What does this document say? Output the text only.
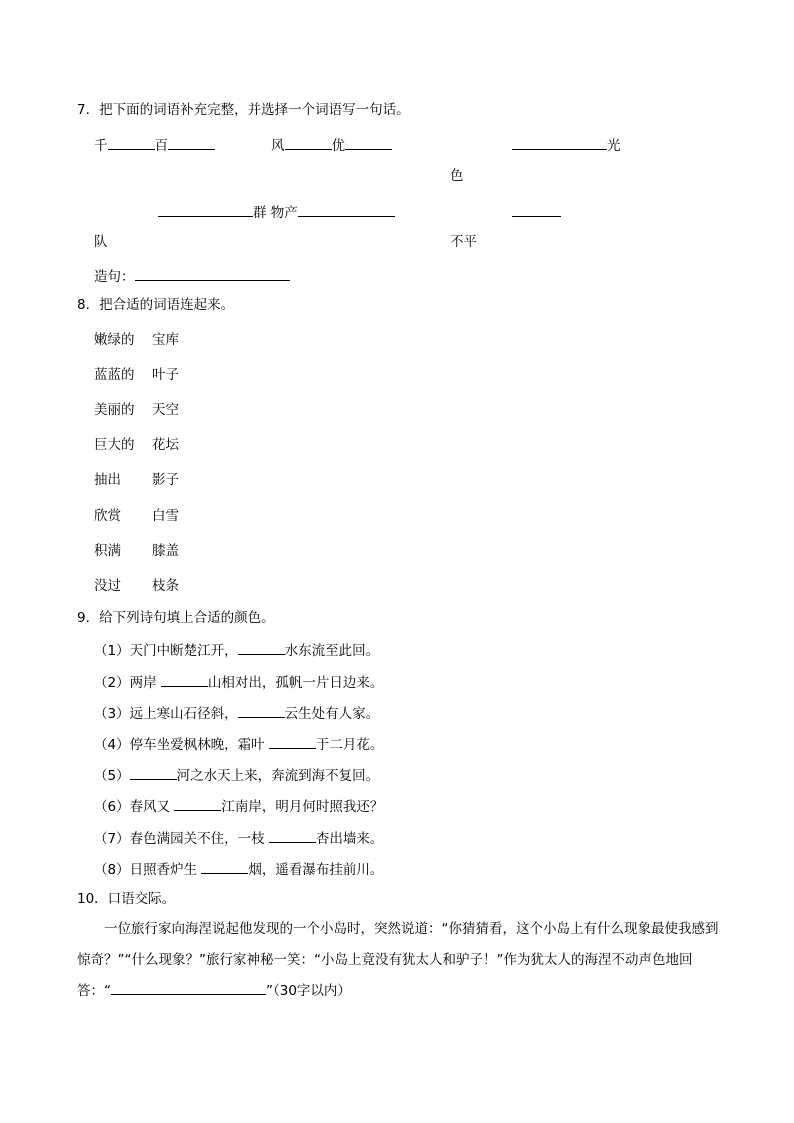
7．把下面的词语补充完整，并选择一个词语写一句话。
千	百	风	优	光
色
群 物产
队	不平
造句：
8．把合适的词语连起来。
嫩绿的 宝库
蓝蓝的 叶子
美丽的 天空
巨大的 花坛
抽出 影子
欣赏 白雪
积满 膝盖
没过 枝条
9．给下列诗句填上合适的颜色。
（1）天门中断楚江开，	水东流至此回。
（2）两岸	山相对出，孤帆一片日边来。
（3）远上寒山石径斜，	云生处有人家。
（4）停车坐爱枫林晚，霜叶	于二月花。
（5）	河之水天上来，奔流到海不复回。
（6）春风又	江南岸，明月何时照我还？
（7）春色满园关不住，一枝	杏出墙来。
（8）日照香炉生	烟，遥看瀑布挂前川。
10．口语交际。
一位旅行家向海涅说起他发现的一个小岛时，突然说道：“你猜猜看，这个小岛上有什么现象最使我感到惊奇？”“什么现象？”旅行家神秘一笑：“小岛上竟没有犹太人和驴子！”作为犹太人的海涅不动声色地回答：“	”（30字以内）
